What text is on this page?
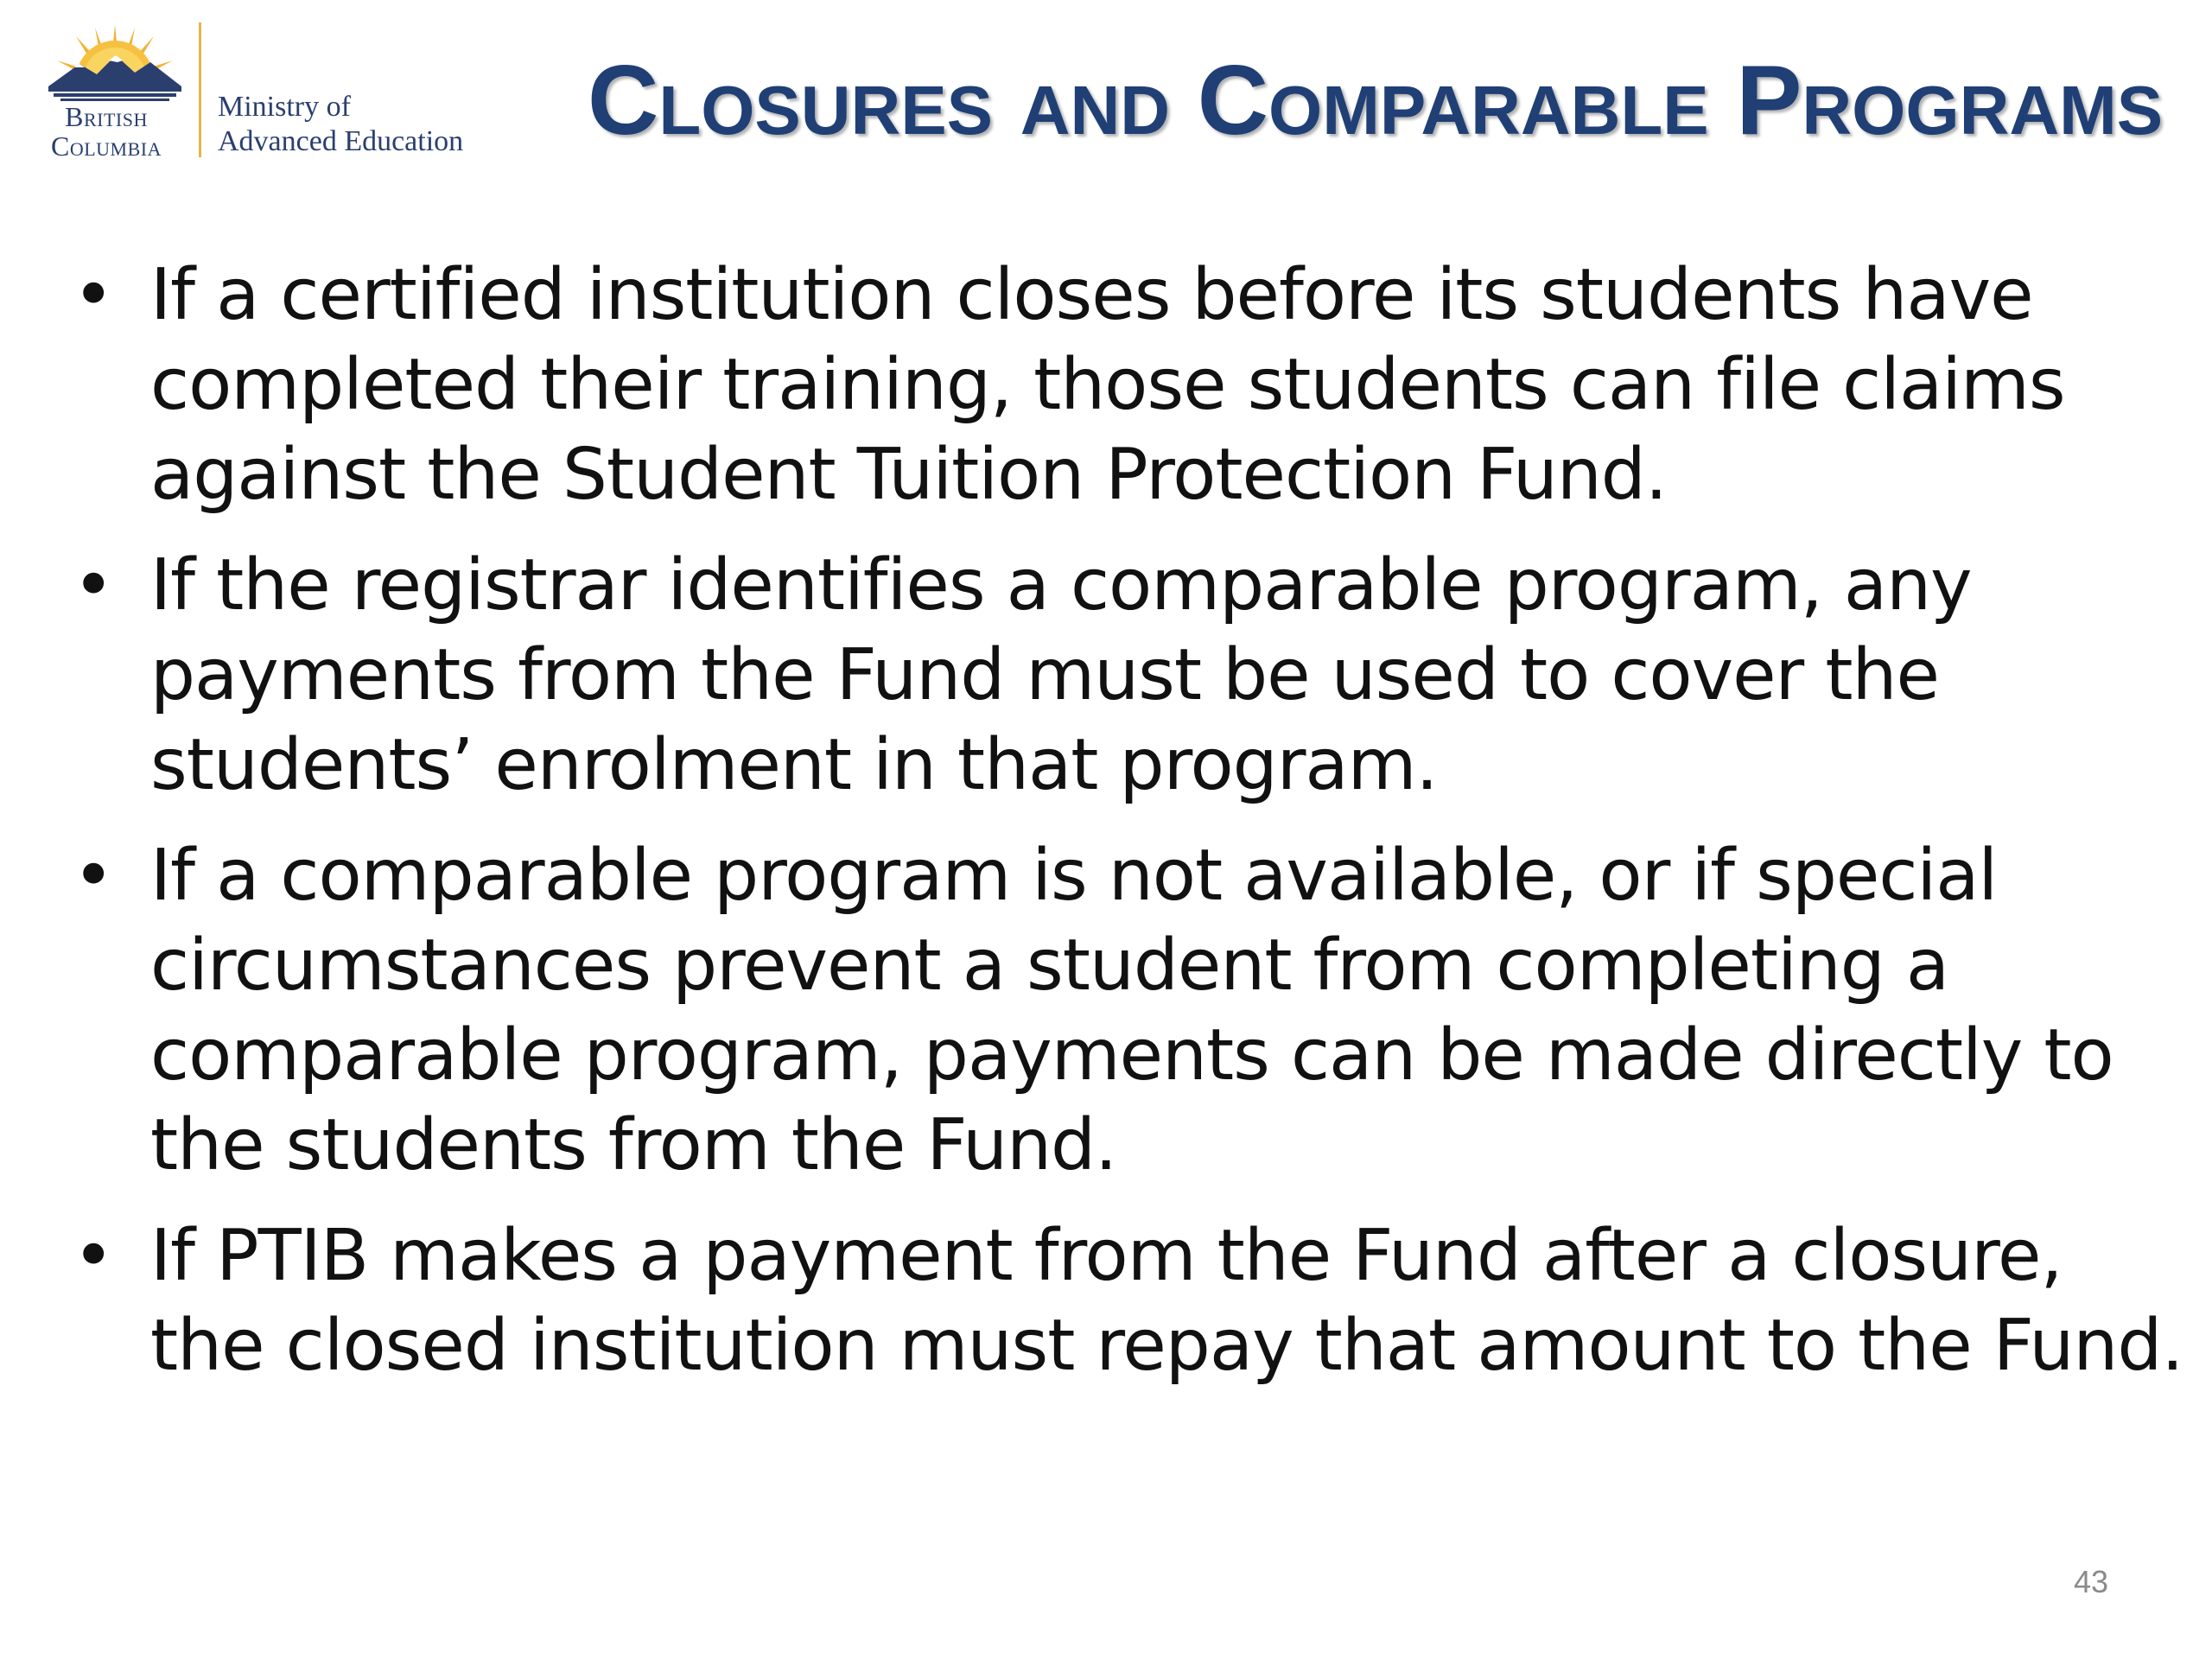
British
Columbia
Ministry of
Advanced Education	Closures and Comparable Programs
• If a certified institution closes before its students have completed their training, those students can file claims against the Student Tuition Protection Fund.
• If the registrar identifies a comparable program, any payments from the Fund must be used to cover the students’ enrolment in that program.
• If a comparable program is not available, or if special circumstances prevent a student from completing a comparable program, payments can be made directly to the students from the Fund.
• If PTIB makes a payment from the Fund after a closure, the closed institution must repay that amount to the Fund.
43
